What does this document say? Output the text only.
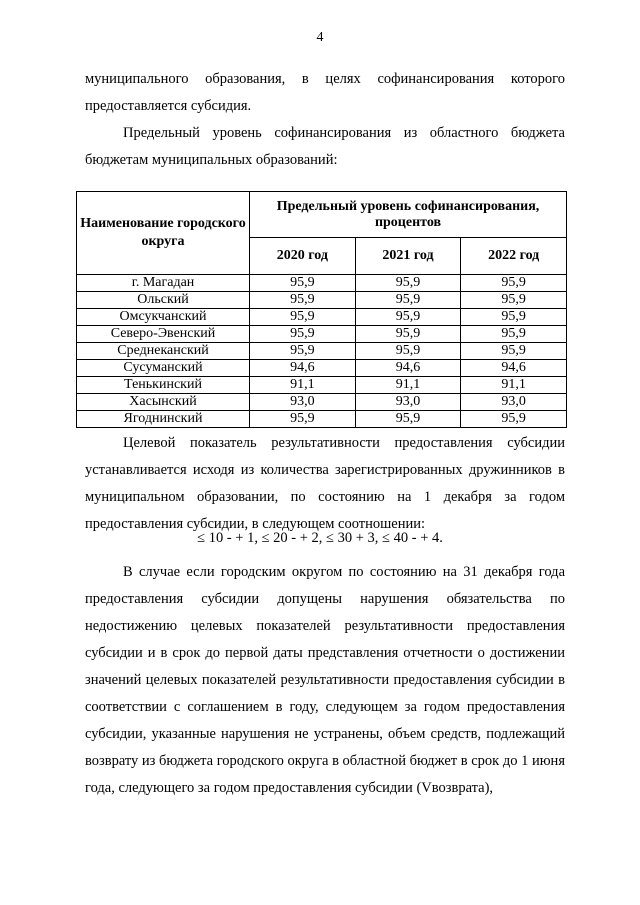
4

муниципального образования, в целях софинансирования которого предоставляется субсидия.

Предельный уровень софинансирования из областного бюджета бюджетам муниципальных образований:

Наименование городского округа	Предельный уровень софинансирования, процентов		
	2020 год	2021 год	2022 год
г. Магадан	95,9	95,9	95,9
Ольский	95,9	95,9	95,9
Омсукчанский	95,9	95,9	95,9
Северо-Эвенский	95,9	95,9	95,9
Среднеканский	95,9	95,9	95,9
Сусуманский	94,6	94,6	94,6
Тенькинский	91,1	91,1	91,1
Хасынский	93,0	93,0	93,0
Ягоднинский	95,9	95,9	95,9

Целевой показатель результативности предоставления субсидии устанавливается исходя из количества зарегистрированных дружинников в муниципальном образовании, по состоянию на 1 декабря за годом предоставления субсидии, в следующем соотношении:

≤ 10 - + 1, ≤ 20 - + 2, ≤ 30 + 3, ≤ 40 - + 4.

В случае если городским округом по состоянию на 31 декабря года предоставления субсидии допущены нарушения обязательства по недостижению целевых показателей результативности предоставления субсидии и в срок до первой даты представления отчетности о достижении значений целевых показателей результативности предоставления субсидии в соответствии с соглашением в году, следующем за годом предоставления субсидии, указанные нарушения не устранены, объем средств, подлежащий возврату из бюджета городского округа в областной бюджет в срок до 1 июня года, следующего за годом предоставления субсидии (Vвозврата),
